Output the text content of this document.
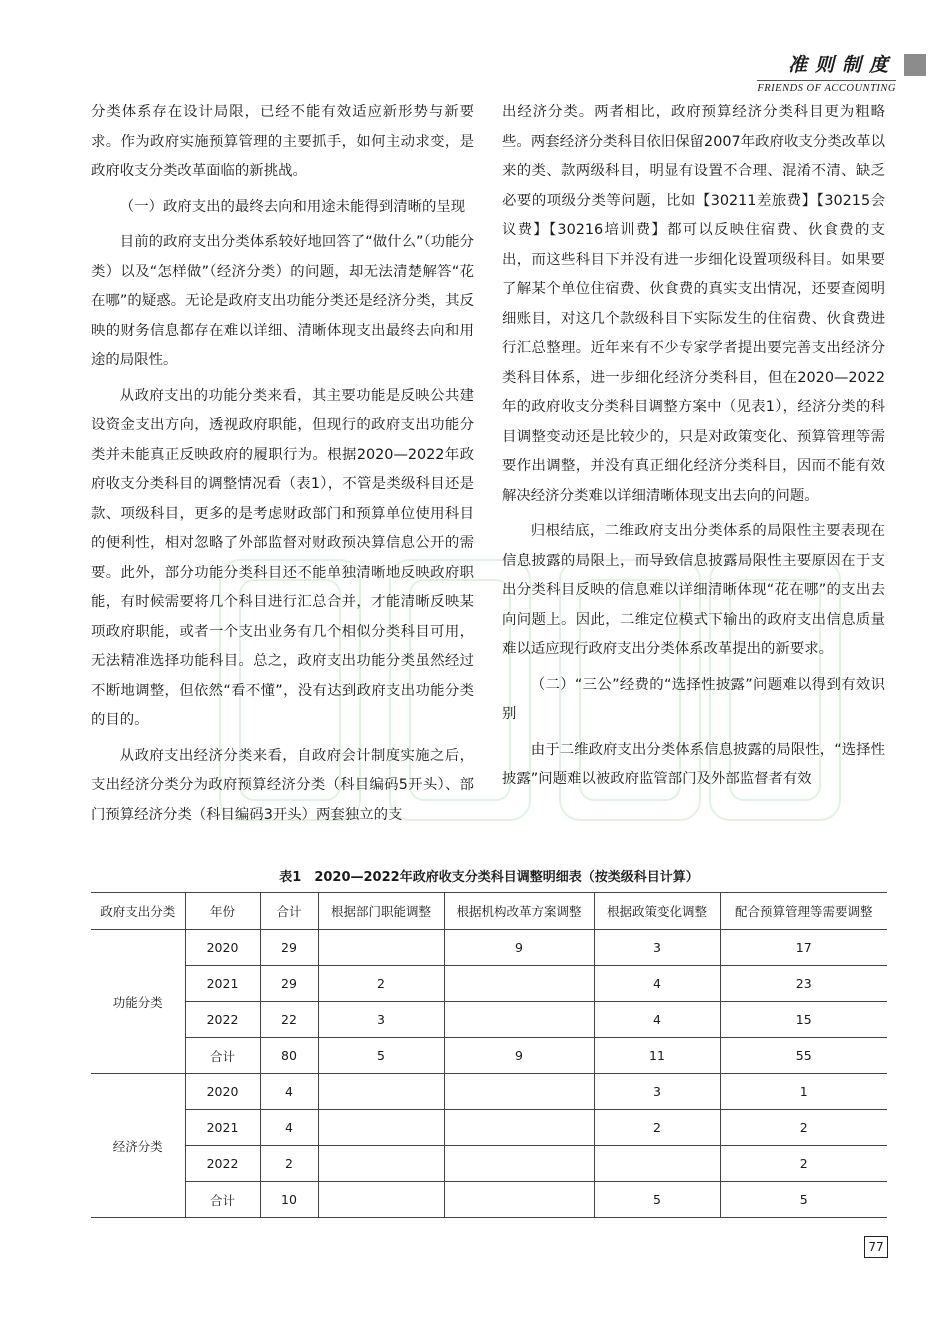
准则制度
FRIENDS OF ACCOUNTING

分类体系存在设计局限，已经不能有效适应新形势与新要求。作为政府实施预算管理的主要抓手，如何主动求变，是政府收支分类改革面临的新挑战。

（一）政府支出的最终去向和用途未能得到清晰的呈现

目前的政府支出分类体系较好地回答了“做什么”（功能分类）以及“怎样做”（经济分类）的问题，却无法清楚解答“花在哪”的疑惑。无论是政府支出功能分类还是经济分类，其反映的财务信息都存在难以详细、清晰体现支出最终去向和用途的局限性。

从政府支出的功能分类来看，其主要功能是反映公共建设资金支出方向，透视政府职能，但现行的政府支出功能分类并未能真正反映政府的履职行为。根据2020—2022年政府收支分类科目的调整情况看（表1），不管是类级科目还是款、项级科目，更多的是考虑财政部门和预算单位使用科目的便利性，相对忽略了外部监督对财政预决算信息公开的需要。此外，部分功能分类科目还不能单独清晰地反映政府职能，有时候需要将几个科目进行汇总合并，才能清晰反映某项政府职能，或者一个支出业务有几个相似分类科目可用，无法精准选择功能科目。总之，政府支出功能分类虽然经过不断地调整，但依然“看不懂”，没有达到政府支出功能分类的目的。

从政府支出经济分类来看，自政府会计制度实施之后，支出经济分类分为政府预算经济分类（科目编码5开头）、部门预算经济分类（科目编码3开头）两套独立的支

出经济分类。两者相比，政府预算经济分类科目更为粗略些。两套经济分类科目依旧保留2007年政府收支分类改革以来的类、款两级科目，明显有设置不合理、混淆不清、缺乏必要的项级分类等问题，比如【30211差旅费】【30215会议费】【30216培训费】都可以反映住宿费、伙食费的支出，而这些科目下并没有进一步细化设置项级科目。如果要了解某个单位住宿费、伙食费的真实支出情况，还要查阅明细账目，对这几个款级科目下实际发生的住宿费、伙食费进行汇总整理。近年来有不少专家学者提出要完善支出经济分类科目体系，进一步细化经济分类科目，但在2020—2022年的政府收支分类科目调整方案中（见表1），经济分类的科目调整变动还是比较少的，只是对政策变化、预算管理等需要作出调整，并没有真正细化经济分类科目，因而不能有效解决经济分类难以详细清晰体现支出去向的问题。

归根结底，二维政府支出分类体系的局限性主要表现在信息披露的局限上，而导致信息披露局限性主要原因在于支出分类科目反映的信息难以详细清晰体现“花在哪”的支出去向问题上。因此，二维定位模式下输出的政府支出信息质量难以适应现行政府支出分类体系改革提出的新要求。

（二）“三公”经费的“选择性披露”问题难以得到有效识别

由于二维政府支出分类体系信息披露的局限性，“选择性披露”问题难以被政府监管部门及外部监督者有效

表1　2020—2022年政府收支分类科目调整明细表（按类级科目计算）
政府支出分类	年份	合计	根据部门职能调整	根据机构改革方案调整	根据政策变化调整	配合预算管理等需要调整
功能分类	2020	29		9	3	17
	2021	29	2		4	23
	2022	22	3		4	15
	合计	80	5	9	11	55
经济分类	2020	4			3	1
	2021	4			2	2
	2022	2				2
	合计	10			5	5
77
